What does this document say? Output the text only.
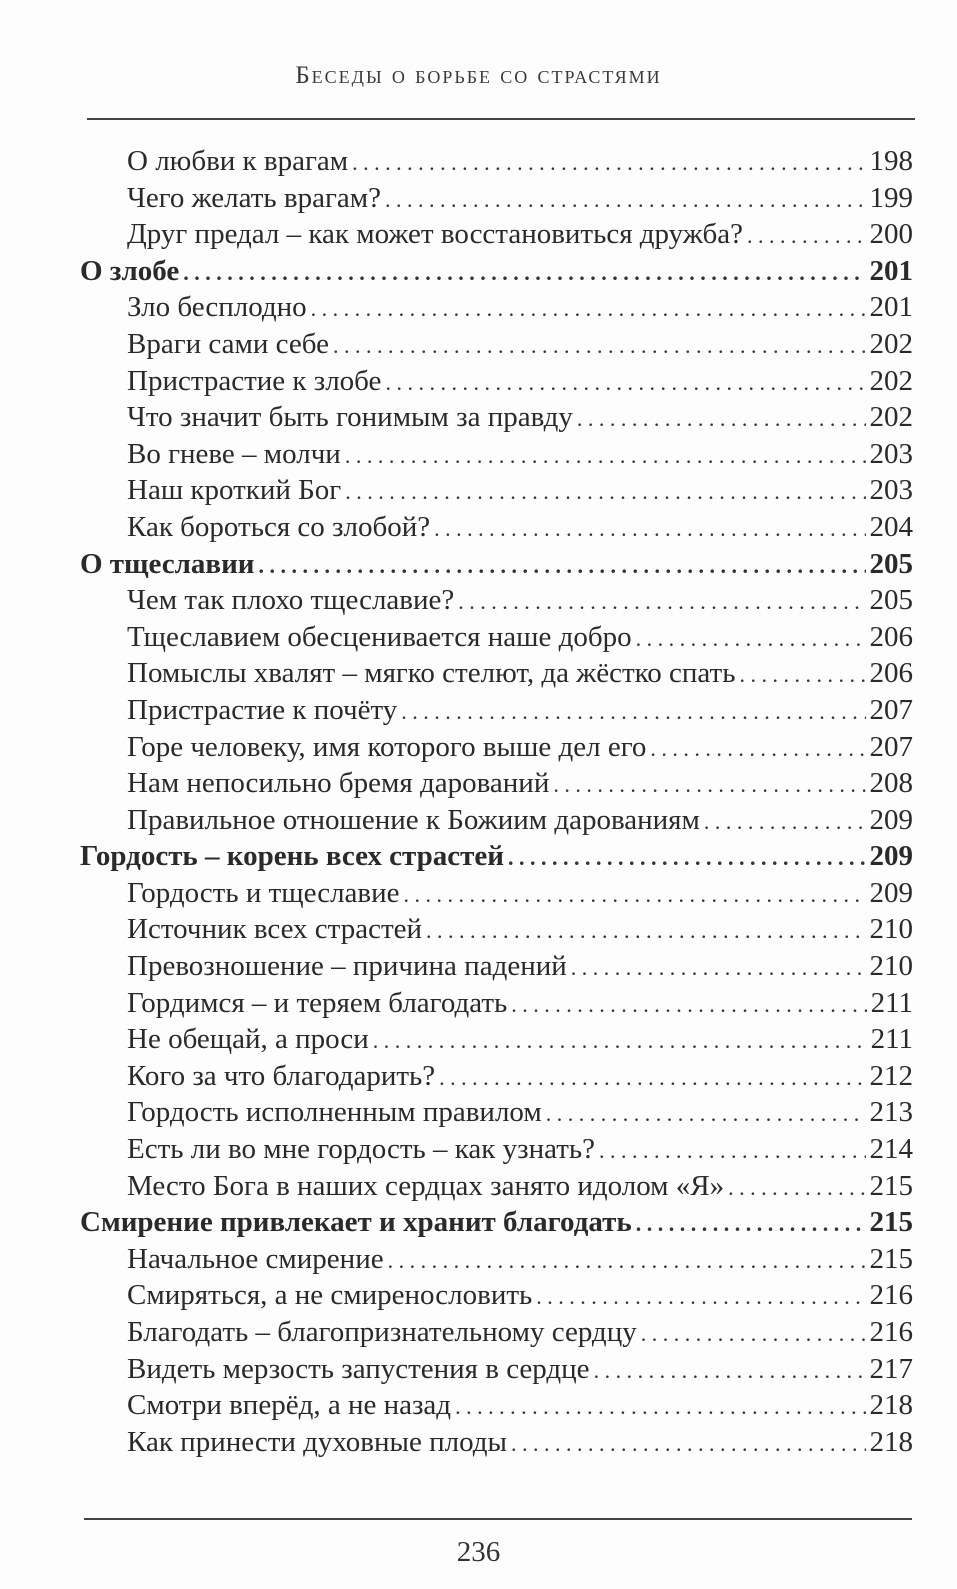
Беседы о борьбе со страстями
О любви к врагам . . .	198
Чего желать врагам? . . .	199
Друг предал – как может восстановиться дружба? . . .	200
О злобе . . .	201
Зло бесплодно . . .	201
Враги сами себе . . .	202
Пристрастие к злобе . . .	202
Что значит быть гонимым за правду . . .	202
Во гневе – молчи . . .	203
Наш кроткий Бог . . .	203
Как бороться со злобой? . . .	204
О тщеславии . . .	205
Чем так плохо тщеславие? . . .	205
Тщеславием обесценивается наше добро . . .	206
Помыслы хвалят – мягко стелют, да жёстко спать . . .	206
Пристрастие к почёту . . .	207
Горе человеку, имя которого выше дел его . . .	207
Нам непосильно бремя дарований . . .	208
Правильное отношение к Божиим дарованиям . . .	209
Гордость – корень всех страстей . . .	209
Гордость и тщеславие . . .	209
Источник всех страстей . . .	210
Превозношение – причина падений . . .	210
Гордимся – и теряем благодать . . .	211
Не обещай, а проси . . .	211
Кого за что благодарить? . . .	212
Гордость исполненным правилом . . .	213
Есть ли во мне гордость – как узнать? . . .	214
Место Бога в наших сердцах занято идолом «Я» . . .	215
Смирение привлекает и хранит благодать . . .	215
Начальное смирение . . .	215
Смиряться, а не смиренословить . . .	216
Благодать – благопризнательному сердцу . . .	216
Видеть мерзость запустения в сердце . . .	217
Смотри вперёд, а не назад . . .	218
Как принести духовные плоды . . .	218
236
